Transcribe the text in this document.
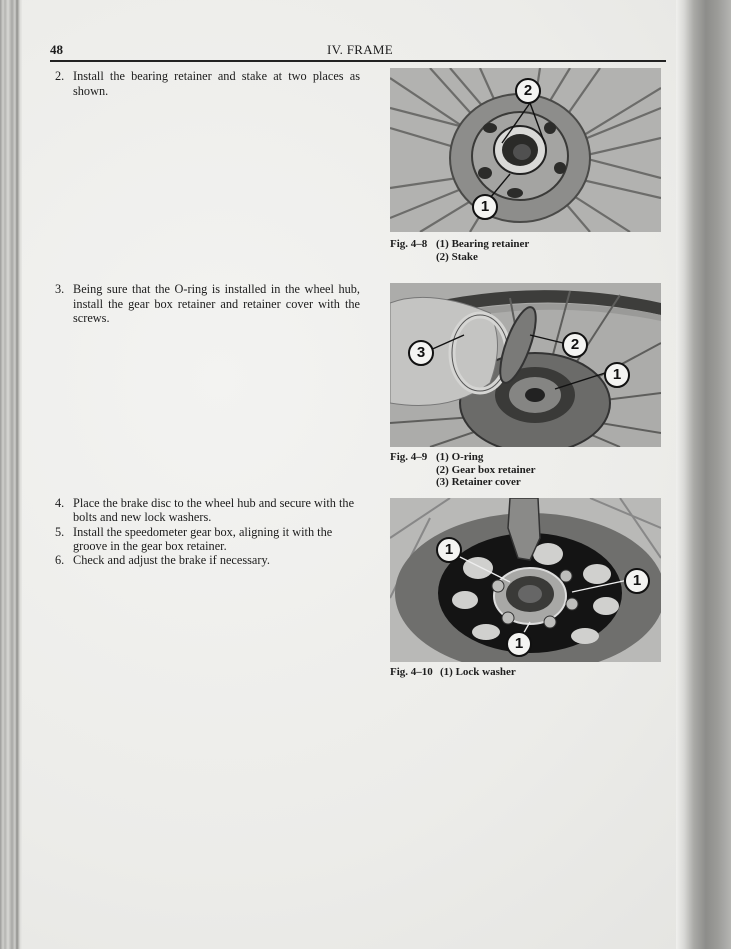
48	IV. FRAME
2. Install the bearing retainer and stake at two places as shown.
3. Being sure that the O-ring is installed in the wheel hub, install the gear box retainer and retainer cover with the screws.
4. Place the brake disc to the wheel hub and secure with the bolts and new lock washers.
5. Install the speedometer gear box, aligning it with the groove in the gear box retainer.
6. Check and adjust the brake if necessary.
2
1
Fig. 4–8 (1) Bearing retainer
(2) Stake
3	2
1
Fig. 4–9 (1) O-ring
(2) Gear box retainer
(3) Retainer cover
1
1
1
Fig. 4–10 (1) Lock washer
